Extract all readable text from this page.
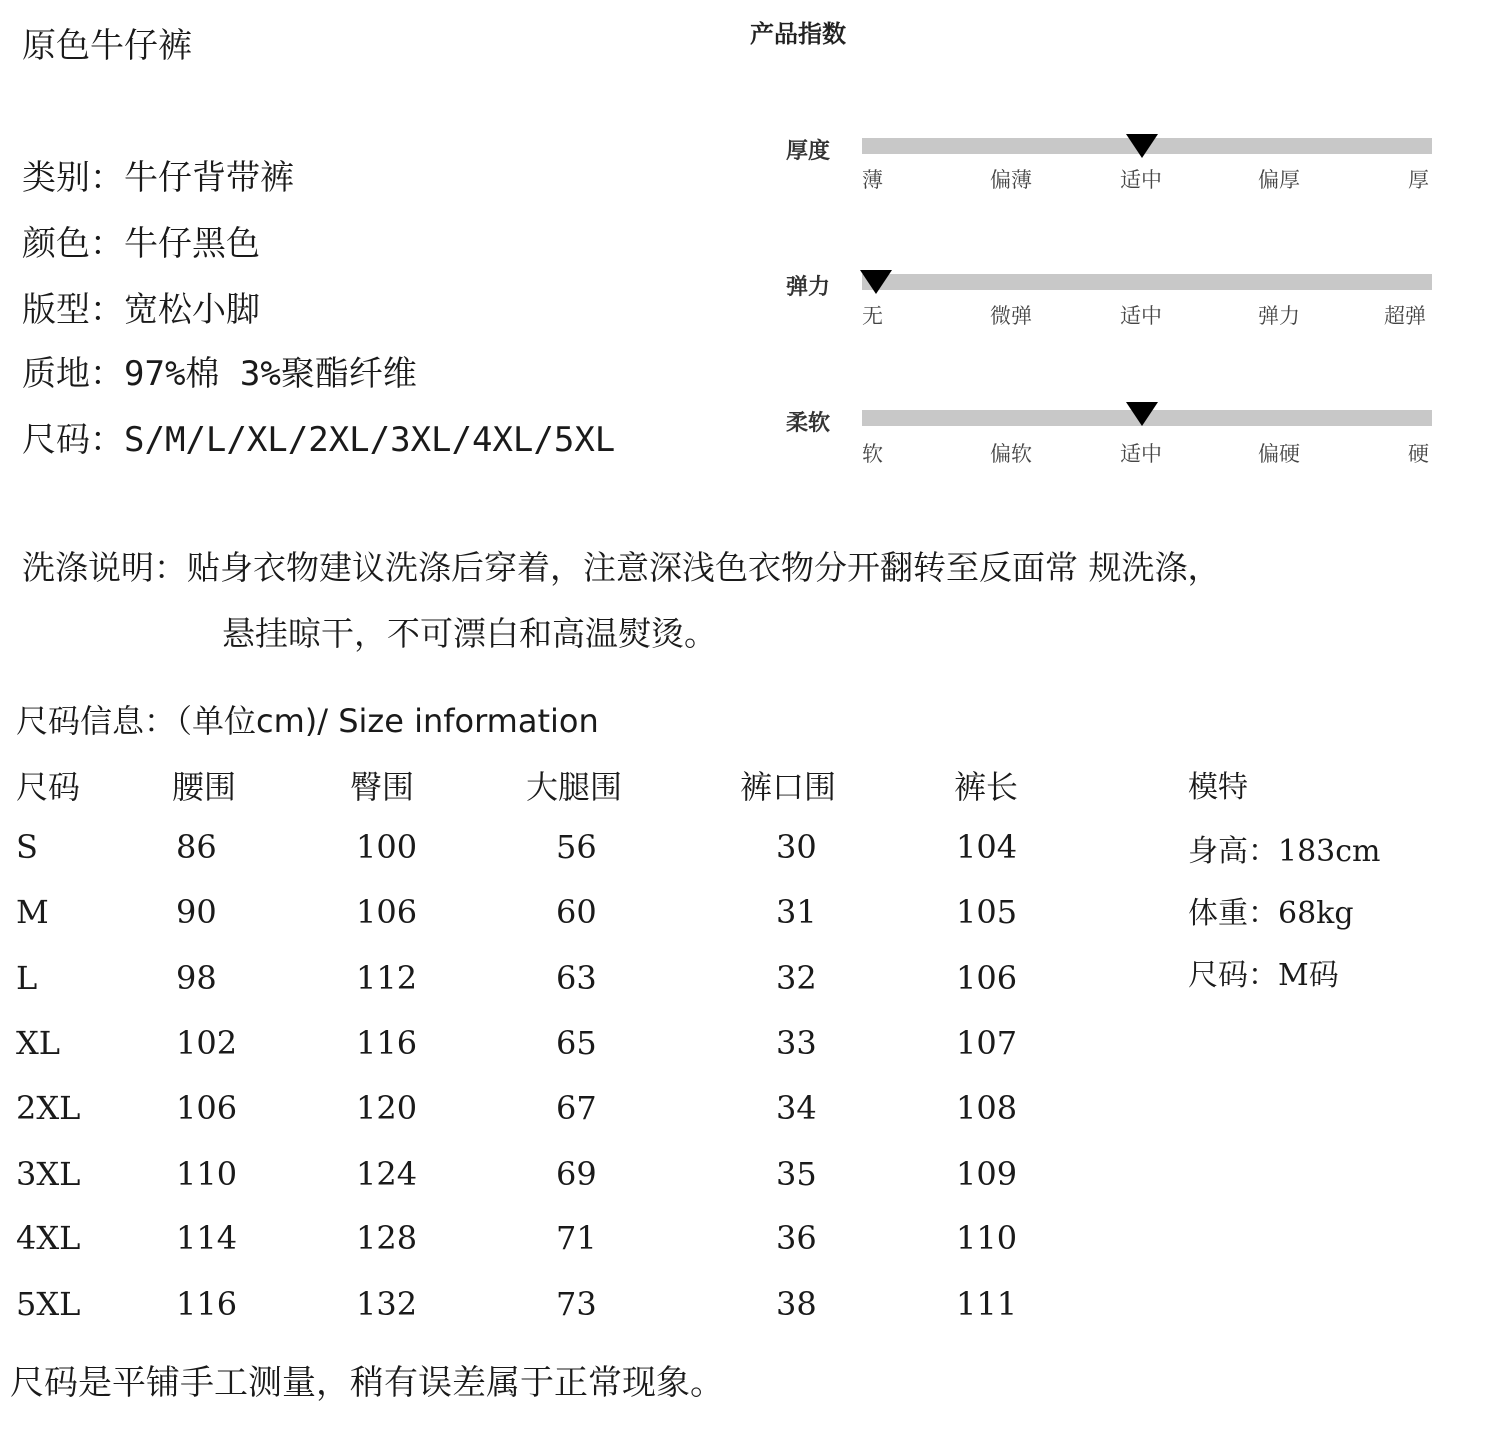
原色牛仔裤
类别：牛仔背带裤
颜色：牛仔黑色
版型：宽松小脚
质地：97%棉 3%聚酯纤维
尺码：S/M/L/XL/2XL/3XL/4XL/5XL
产品指数
厚度
薄	偏薄	适中	偏厚	厚
弹力
无	微弹	适中	弹力	超弹
柔软
软	偏软	适中	偏硬	硬
洗涤说明：贴身衣物建议洗涤后穿着，注意深浅色衣物分开翻转至反面常 规洗涤，
悬挂晾干，不可漂白和高温熨烫。
尺码信息：（单位cm)/ Size information
尺码	腰围	臀围	大腿围	裤口围	裤长
S	86	100	56	30	104
M	90	106	60	31	105
L	98	112	63	32	106
XL	102	116	65	33	107
2XL	106	120	67	34	108
3XL	110	124	69	35	109
4XL	114	128	71	36	110
5XL	116	132	73	38	111
模特
身高：183cm
体重：68kg
尺码：M码
尺码是平铺手工测量，稍有误差属于正常现象。
